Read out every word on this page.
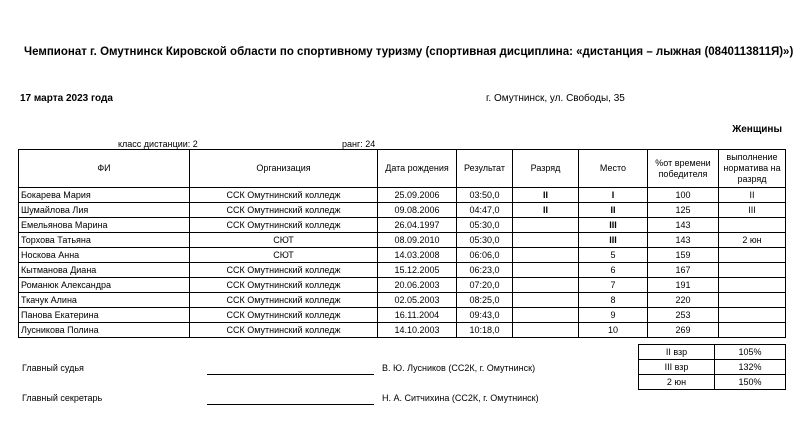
Чемпионат г. Омутнинск Кировской области по спортивному туризму (спортивная дисциплина: «дистанция – лыжная (0840113811Я)»)
17 марта 2023 года	г. Омутнинск, ул. Свободы, 35
Женщины
класс дистанции: 2	ранг: 24
ФИ	Организация	Дата рождения	Результат	Разряд	Место	%от времени победителя	выполнение норматива на разряд
Бокарева Мария	ССК Омутнинский колледж	25.09.2006	03:50,0	II	I	100	II
Шумайлова Лия	ССК Омутнинский колледж	09.08.2006	04:47,0	II	II	125	III
Емельянова Марина	ССК Омутнинский колледж	26.04.1997	05:30,0		III	143	
Торхова Татьяна	СЮТ	08.09.2010	05:30,0		III	143	2 юн
Носкова Анна	СЮТ	14.03.2008	06:06,0		5	159	
Кытманова Диана	ССК Омутнинский колледж	15.12.2005	06:23,0		6	167	
Романюк Александра	ССК Омутнинский колледж	20.06.2003	07:20,0		7	191	
Ткачук Алина	ССК Омутнинский колледж	02.05.2003	08:25,0		8	220	
Панова Екатерина	ССК Омутнинский колледж	16.11.2004	09:43,0		9	253	
Лусникова Полина	ССК Омутнинский колледж	14.10.2003	10:18,0		10	269	
II взр	105%
III взр	132%
2 юн	150%
Главный судья	В. Ю. Лусников (СС2К, г. Омутнинск)
Главный секретарь	Н. А. Ситчихина (СС2К, г. Омутнинск)
